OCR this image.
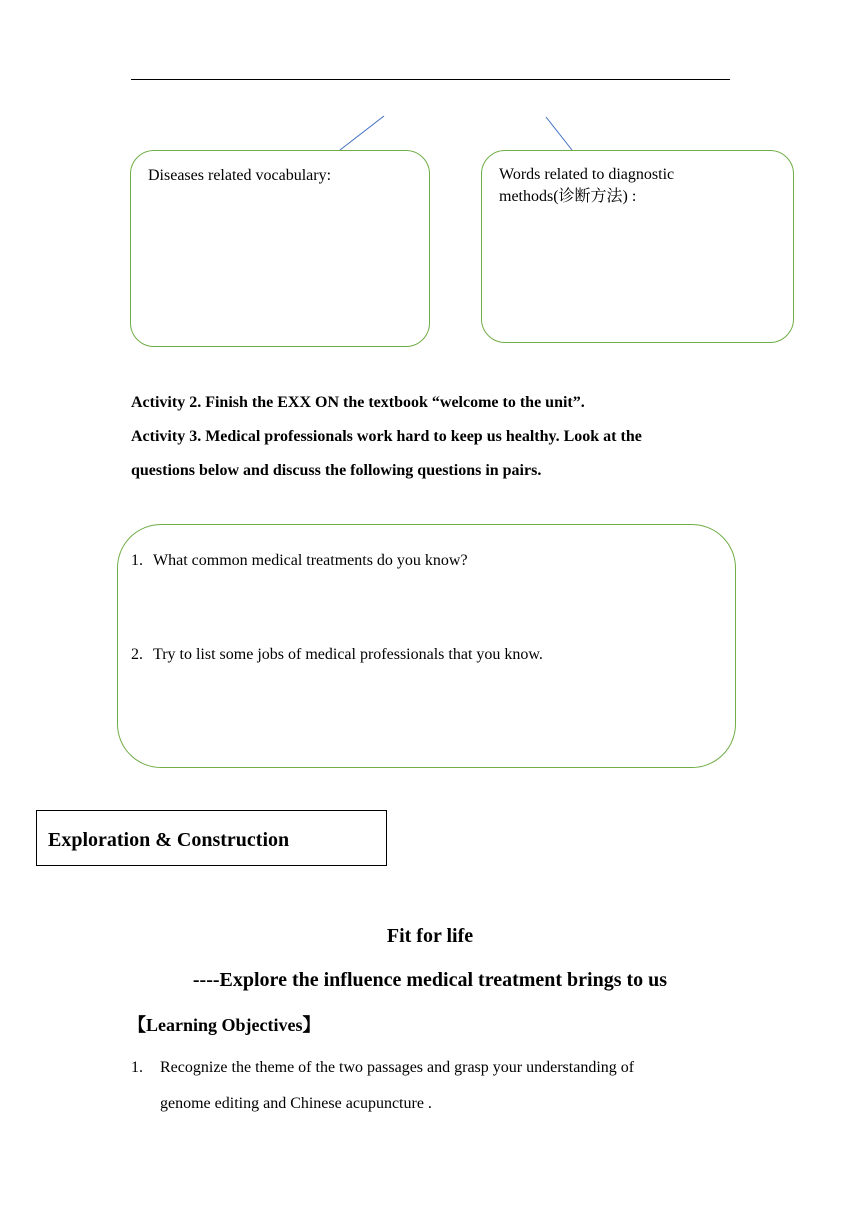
Diseases related vocabulary:	Words related to diagnostic methods(诊断方法) :
Activity 2. Finish the EXX ON the textbook “welcome to the unit”.
Activity 3. Medical professionals work hard to keep us healthy. Look at the
questions below and discuss the following questions in pairs.
1. What common medical treatments do you know?
2. Try to list some jobs of medical professionals that you know.
Exploration & Construction
Fit for life
----Explore the influence medical treatment brings to us
【Learning Objectives】
1. Recognize the theme of the two passages and grasp your understanding of
genome editing and Chinese acupuncture .
